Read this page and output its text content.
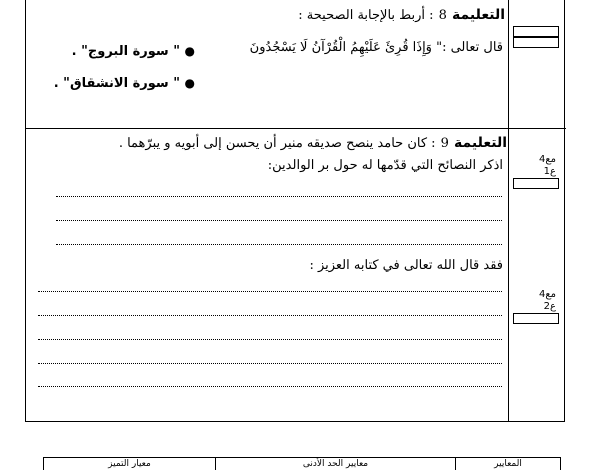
التعليمة 8 : أربط بالإجابة الصحيحة :
قال تعالى :" وَإِذَا قُرِئَ عَلَيْهِمُ الْقُرْآنُ لَا يَسْجُدُونَ
● " سورة البروج" .
● " سورة الانشقاق" .
التعليمة 9 : كان حامد ينصح صديقه منير أن يحسن إلى أبويه و يبرّهما .
اذكر النصائح التي قدّمها له حول بر الوالدين:
فقد قال الله تعالى في كتابه العزيز :
مع4
ع1
مع4
ع2
معيار التميز	معايير الحد الأدنى	المعايير
